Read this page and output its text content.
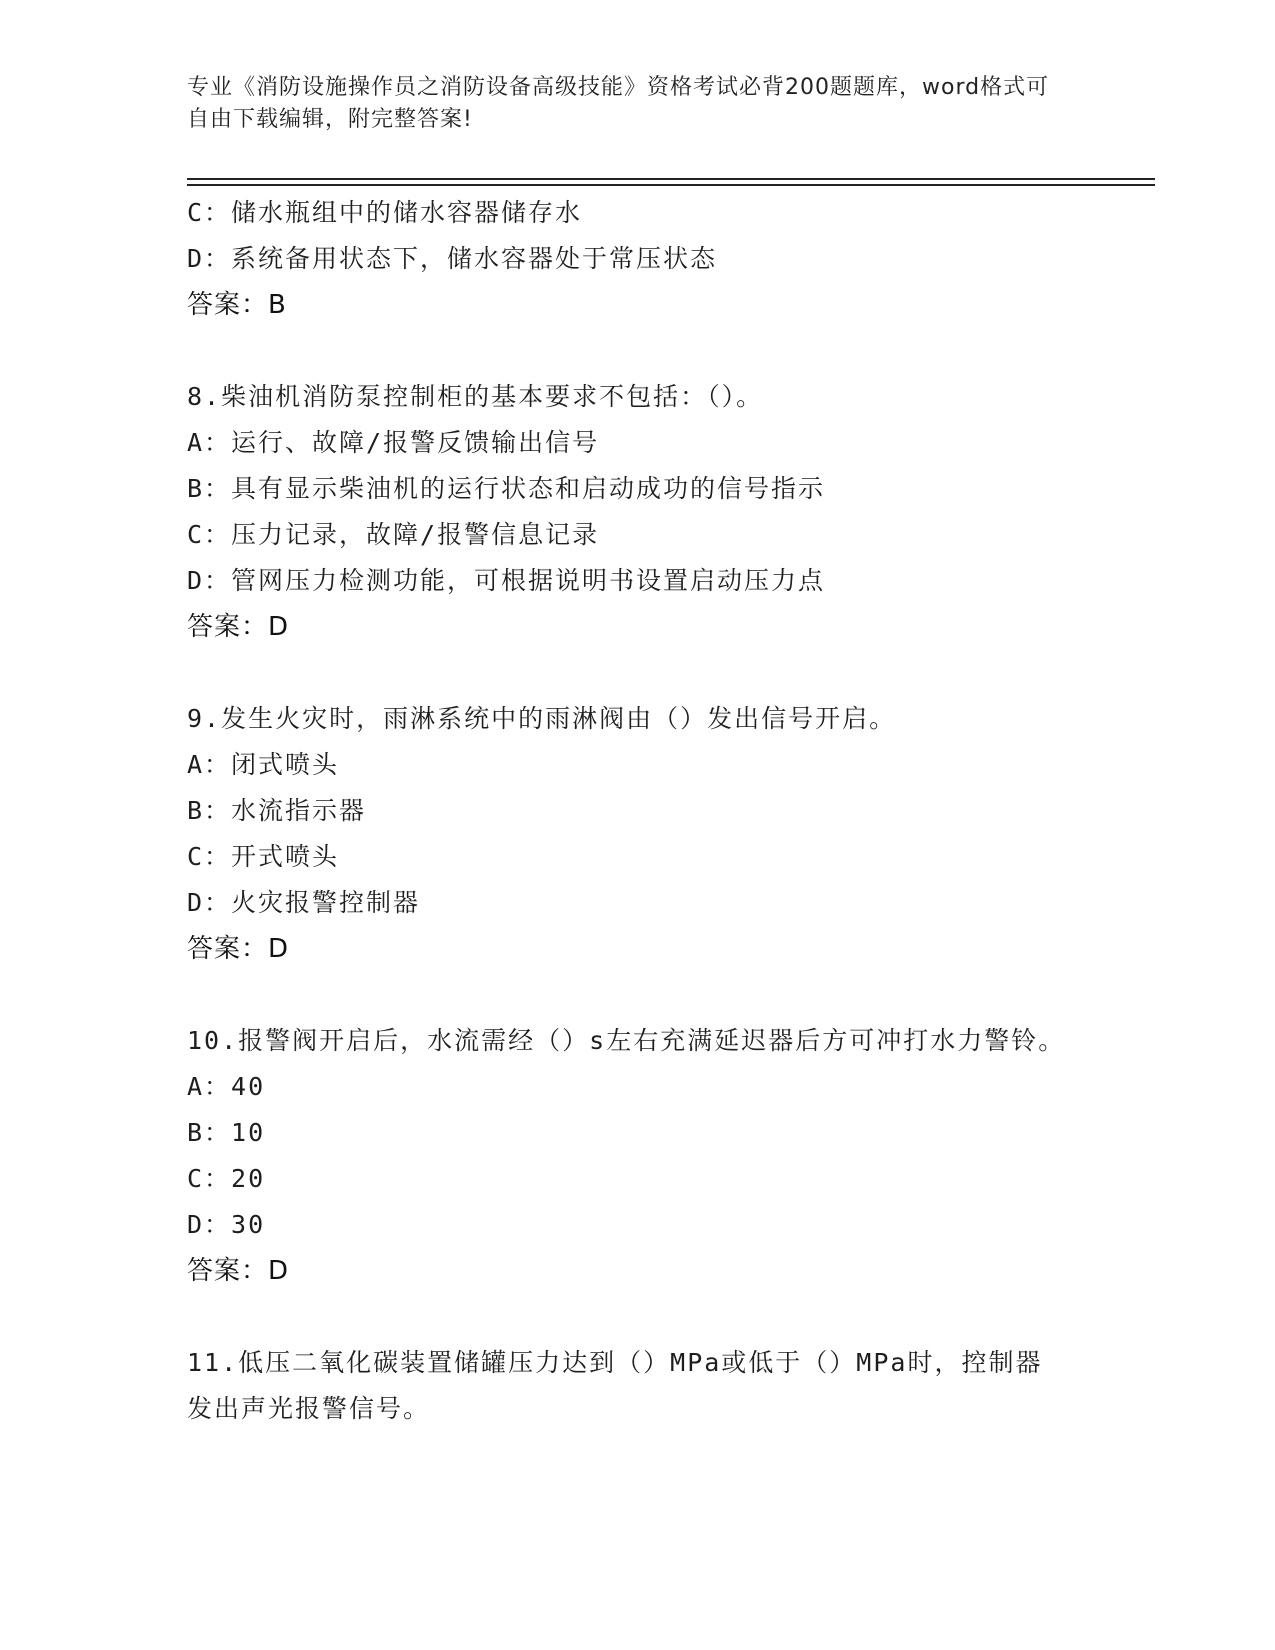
专业《消防设施操作员之消防设备高级技能》资格考试必背200题题库，word格式可自由下载编辑，附完整答案!
C：储水瓶组中的储水容器储存水
D：系统备用状态下，储水容器处于常压状态
答案：B
8.柴油机消防泵控制柜的基本要求不包括：（）。
A：运行、故障/报警反馈输出信号
B：具有显示柴油机的运行状态和启动成功的信号指示
C：压力记录，故障/报警信息记录
D：管网压力检测功能，可根据说明书设置启动压力点
答案：D
9.发生火灾时，雨淋系统中的雨淋阀由（）发出信号开启。
A：闭式喷头
B：水流指示器
C：开式喷头
D：火灾报警控制器
答案：D
10.报警阀开启后，水流需经（）s左右充满延迟器后方可冲打水力警铃。
A：40
B：10
C：20
D：30
答案：D
11.低压二氧化碳装置储罐压力达到（）MPa或低于（）MPa时，控制器发出声光报警信号。
